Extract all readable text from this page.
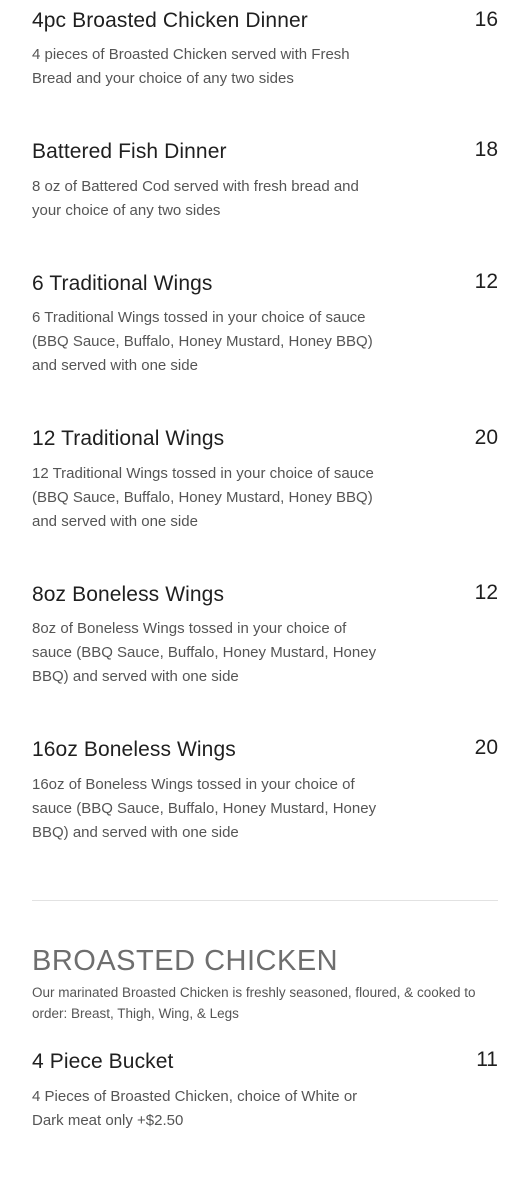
4pc Broasted Chicken Dinner	16
4 pieces of Broasted Chicken served with Fresh Bread and your choice of any two sides
Battered Fish Dinner	18
8 oz of Battered Cod served with fresh bread and your choice of any two sides
6 Traditional Wings	12
6 Traditional Wings tossed in your choice of sauce (BBQ Sauce, Buffalo, Honey Mustard, Honey BBQ) and served with one side
12 Traditional Wings	20
12 Traditional Wings tossed in your choice of sauce (BBQ Sauce, Buffalo, Honey Mustard, Honey BBQ) and served with one side
8oz Boneless Wings	12
8oz of Boneless Wings tossed in your choice of sauce (BBQ Sauce, Buffalo, Honey Mustard, Honey BBQ) and served with one side
16oz Boneless Wings	20
16oz of Boneless Wings tossed in your choice of sauce (BBQ Sauce, Buffalo, Honey Mustard, Honey BBQ) and served with one side
BROASTED CHICKEN
Our marinated Broasted Chicken is freshly seasoned, floured, & cooked to order: Breast, Thigh, Wing, & Legs
4 Piece Bucket	11
4 Pieces of Broasted Chicken, choice of White or Dark meat only +$2.50
